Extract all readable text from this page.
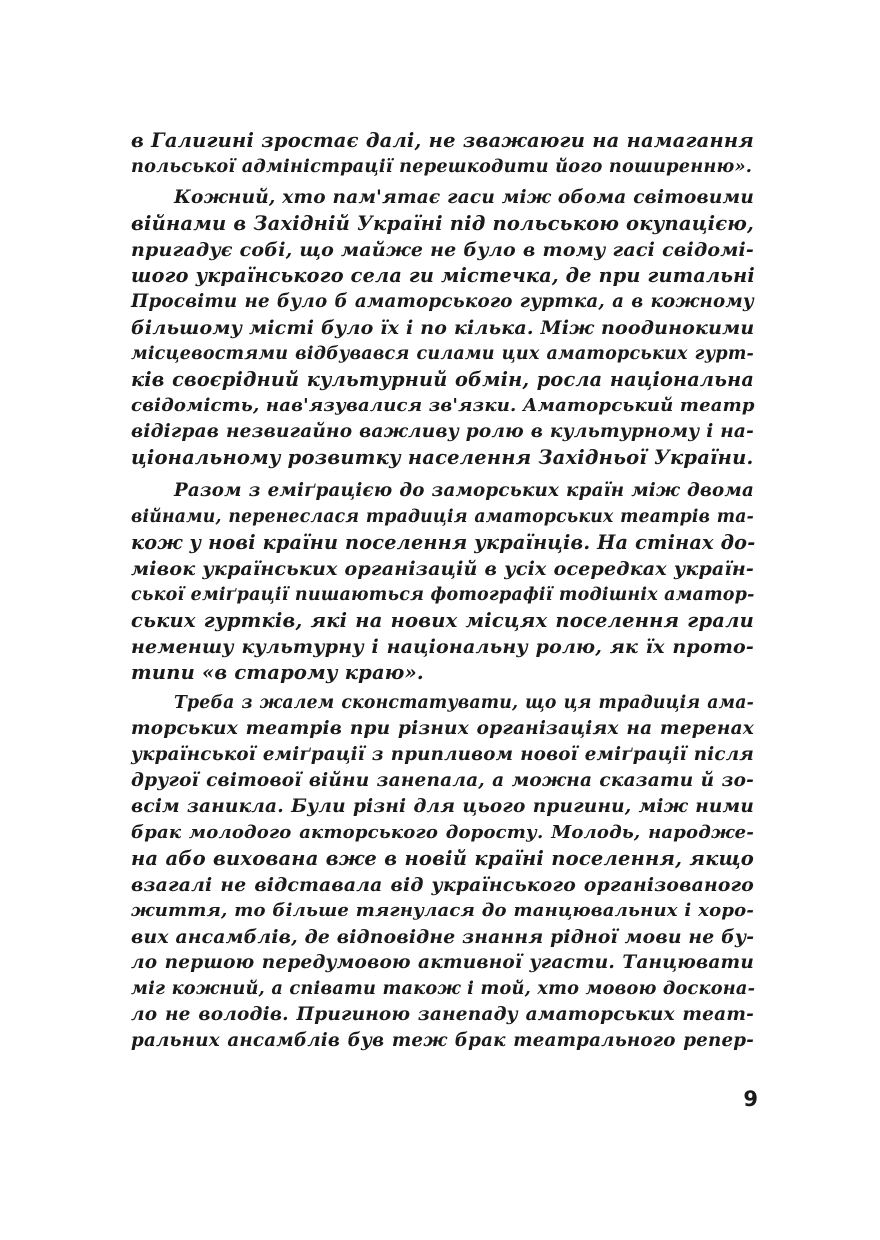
в Галигині зростає далі, не зважаюги на намагання
польської адміністрації перешкодити його поширенню».
Кожний, хто пам'ятає гаси між обома світовими
війнами в Західній Україні під польською окупацією,
пригадує собі, що майже не було в тому гасі свідомі-
шого українського села ги містечка, де при гитальні
Просвіти не було б аматорського гуртка, а в кожному
більшому місті було їх і по кілька. Між поодинокими
місцевостями відбувався силами цих аматорських гурт-
ків своєрідний культурний обмін, росла національна
свідомість, нав'язувалися зв'язки. Аматорський театр
відіграв незвигайно важливу ролю в культурному і на-
ціональному розвитку населення Західньої України.
Разом з еміґрацією до заморських країн між двома
війнами, перенеслася традиція аматорських театрів та-
кож у нові країни поселення українців. На стінах до-
мівок українських організацій в усіх осередках україн-
ської еміґрації пишаються фотографії тодішніх аматор-
ських гуртків, які на нових місцях поселення грали
неменшу культурну і національну ролю, як їх прото-
типи «в старому краю».
Треба з жалем сконстатувати, що ця традиція ама-
торських театрів при різних організаціях на теренах
української еміґрації з припливом нової еміґрації після
другої світової війни занепала, а можна сказати й зо-
всім заникла. Були різні для цього пригини, між ними
брак молодого акторського доросту. Молодь, народже-
на або вихована вже в новій країні поселення, якщо
взагалі не відставала від українського організованого
життя, то більше тягнулася до танцювальних і хоро-
вих ансамблів, де відповідне знання рідної мови не бу-
ло першою передумовою активної угасти. Танцювати
міг кожний, а співати також і той, хто мовою доскона-
ло не володів. Пригиною занепаду аматорських теат-
ральних ансамблів був теж брак театрального репер-
9
